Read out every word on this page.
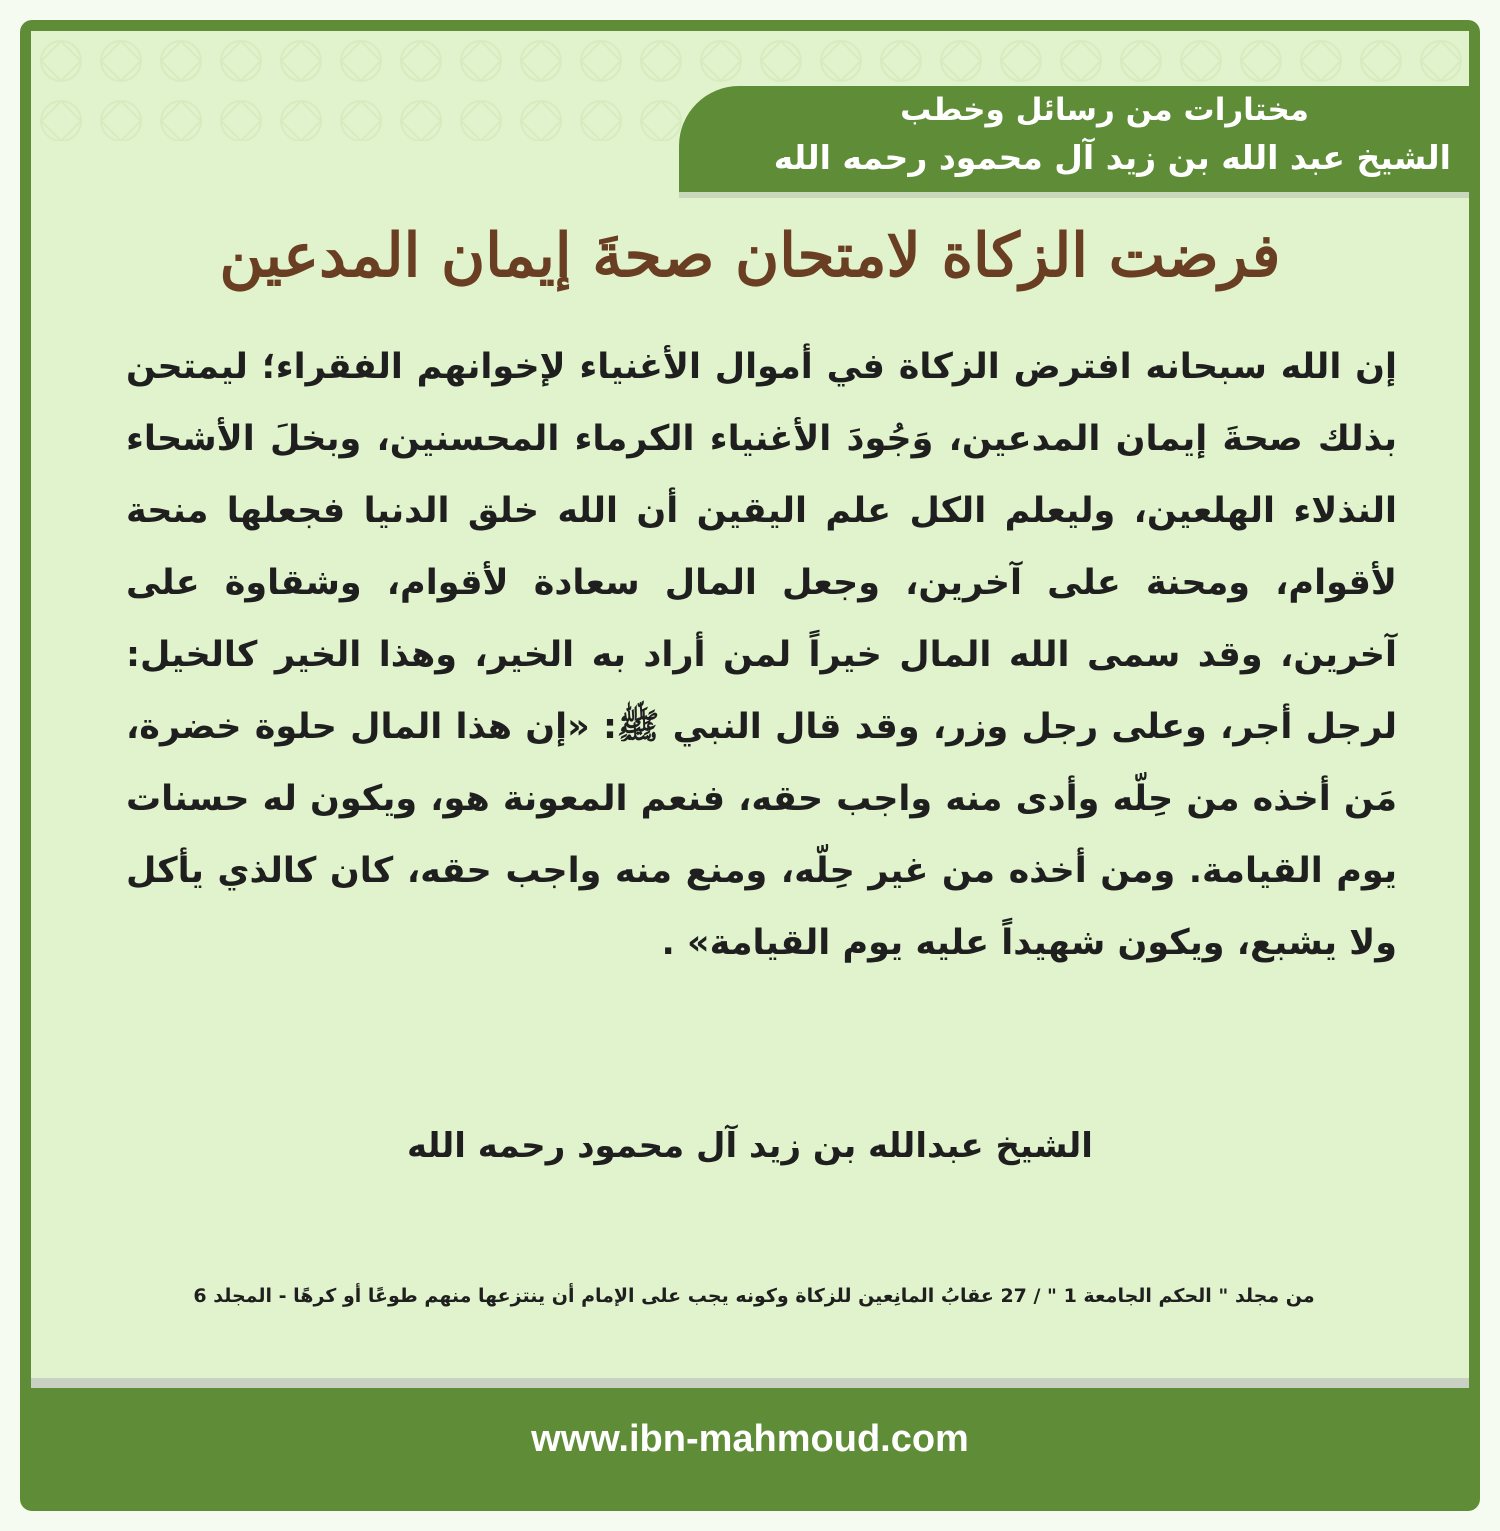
مختارات من رسائل وخطب
الشيخ عبد الله بن زيد آل محمود رحمه الله
فرضت الزكاة لامتحان صحةَ إيمان المدعين
إن الله سبحانه افترض الزكاة في أموال الأغنياء لإخوانهم الفقراء؛ ليمتحن بذلك صحةَ إيمان المدعين، وَجُودَ الأغنياء الكرماء المحسنين، وبخلَ الأشحاء النذلاء الهلعين، وليعلم الكل علم اليقين أن الله خلق الدنيا فجعلها منحة لأقوام، ومحنة على آخرين، وجعل المال سعادة لأقوام، وشقاوة على آخرين، وقد سمى الله المال خيراً لمن أراد به الخير، وهذا الخير كالخيل: لرجل أجر، وعلى رجل وزر، وقد قال النبي ﷺ: «إن هذا المال حلوة خضرة، مَن أخذه من حِلّه وأدى منه واجب حقه، فنعم المعونة هو، ويكون له حسنات يوم القيامة. ومن أخذه من غير حِلّه، ومنع منه واجب حقه، كان كالذي يأكل ولا يشبع، ويكون شهيداً عليه يوم القيامة» .
الشيخ عبدالله بن زيد آل محمود رحمه الله
من مجلد " الحكم الجامعة 1 " / 27 عقابُ المانِعين للزكاة وكونه يجب على الإمام أن ينتزعها منهم طوعًا أو كرهًا - المجلد 6
www.ibn-mahmoud.com
